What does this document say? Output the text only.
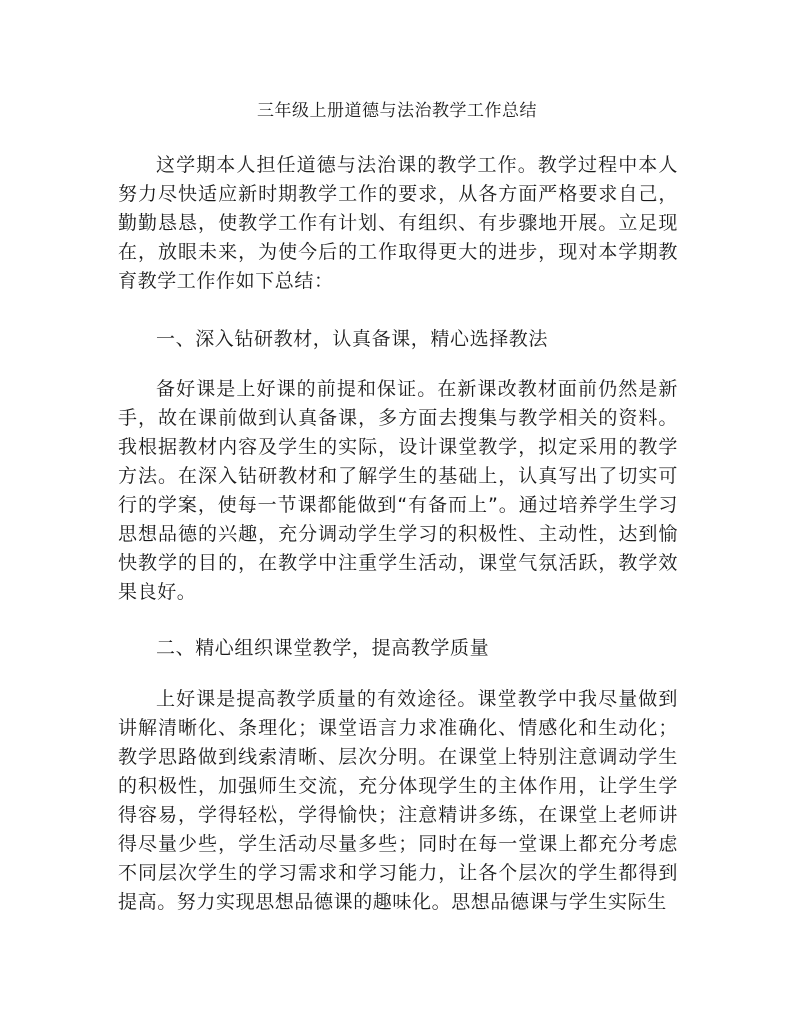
三年级上册道德与法治教学工作总结

这学期本人担任道德与法治课的教学工作。教学过程中本人努力尽快适应新时期教学工作的要求，从各方面严格要求自己，勤勤恳恳，使教学工作有计划、有组织、有步骤地开展。立足现在，放眼未来，为使今后的工作取得更大的进步，现对本学期教育教学工作作如下总结：

一、深入钻研教材，认真备课，精心选择教法

备好课是上好课的前提和保证。在新课改教材面前仍然是新手，故在课前做到认真备课，多方面去搜集与教学相关的资料。我根据教材内容及学生的实际，设计课堂教学，拟定采用的教学方法。在深入钻研教材和了解学生的基础上，认真写出了切实可行的学案，使每一节课都能做到“有备而上”。通过培养学生学习思想品德的兴趣，充分调动学生学习的积极性、主动性，达到愉快教学的目的，在教学中注重学生活动，课堂气氛活跃，教学效果良好。

二、精心组织课堂教学，提高教学质量

上好课是提高教学质量的有效途径。课堂教学中我尽量做到讲解清晰化、条理化；课堂语言力求准确化、情感化和生动化；教学思路做到线索清晰、层次分明。在课堂上特别注意调动学生的积极性，加强师生交流，充分体现学生的主体作用，让学生学得容易，学得轻松，学得愉快；注意精讲多练，在课堂上老师讲得尽量少些，学生活动尽量多些；同时在每一堂课上都充分考虑不同层次学生的学习需求和学习能力，让各个层次的学生都得到提高。努力实现思想品德课的趣味化。思想品德课与学生实际生
